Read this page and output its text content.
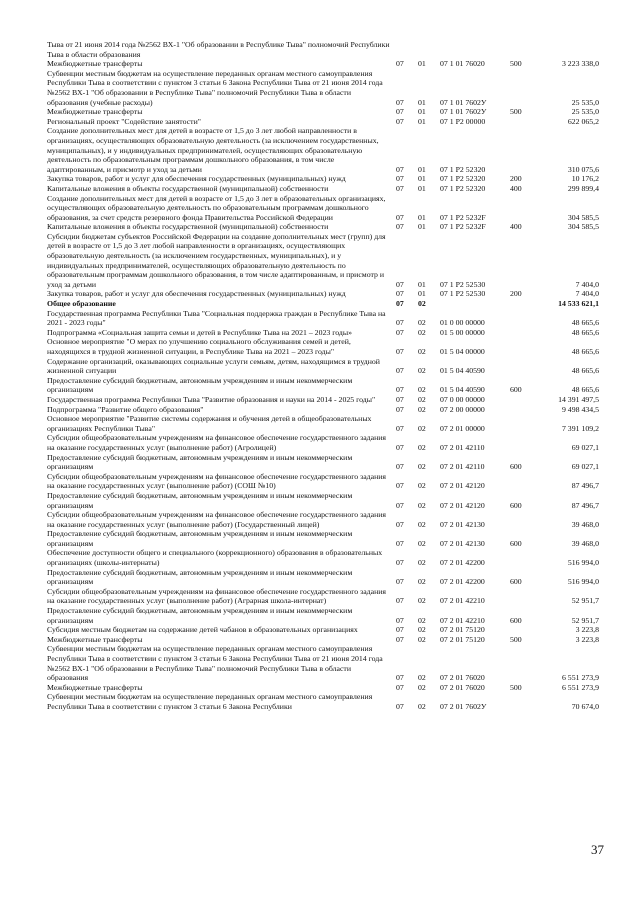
Тыва от 21 июня 2014 года №2562 ВХ-1 "Об образовании в Республике Тыва" полномочий Республики Тыва в области образования					
Межбюджетные трансферты	07	01	07 1 01 76020	500	3 223 338,0
Субвенции местным бюджетам на осуществление переданных органам местного самоуправления Республики Тыва в соответствии с пунктом 3 статьи 6 Закона Республики Тыва от 21 июня 2014 года №2562 ВХ-1 "Об образовании в Республике Тыва" полномочий Республики Тыва в области образования (учебные расходы)	07	01	07 1 01 7602У		25 535,0
Межбюджетные трансферты	07	01	07 1 01 7602У	500	25 535,0
Региональный проект "Содействие занятости"	07	01	07 1 Р2 00000		622 065,2
Создание дополнительных мест для детей в возрасте от 1,5 до 3 лет любой направленности в организациях, осуществляющих образовательную деятельность (за исключением государственных, муниципальных), и у индивидуальных предпринимателей, осуществляющих образовательную деятельность по образовательным программам дошкольного образования, в том числе адаптированным, и присмотр и уход за детьми	07	01	07 1 Р2 52320		310 075,6
Закупка товаров, работ и услуг для обеспечения государственных (муниципальных) нужд	07	01	07 1 Р2 52320	200	10 176,2
Капитальные вложения в объекты государственной (муниципальной) собственности	07	01	07 1 Р2 52320	400	299 899,4
Создание дополнительных мест для детей в возрасте от 1,5 до 3 лет в образовательных организациях, осуществляющих образовательную деятельность по образовательным программам дошкольного образования, за счет средств резервного фонда Правительства Российской Федерации	07	01	07 1 Р2 5232F		304 585,5
Капитальные вложения в объекты государственной (муниципальной) собственности	07	01	07 1 Р2 5232F	400	304 585,5
Субсидии бюджетам субъектов Российской Федерации на создание дополнительных мест (групп) для детей в возрасте от 1,5 до 3 лет любой направленности в организациях, осуществляющих образовательную деятельность (за исключением государственных, муниципальных), и у индивидуальных предпринимателей, осуществляющих образовательную деятельность по образовательным программам дошкольного образования, в том числе адаптированным, и присмотр и уход за детьми	07	01	07 1 Р2 52530		7 404,0
Закупка товаров, работ и услуг для обеспечения государственных (муниципальных) нужд	07	01	07 1 Р2 52530	200	7 404,0
Общее образование	07	02			14 533 621,1
Государственная программа Республики Тыва "Социальная поддержка граждан в Республике Тыва на 2021 - 2023 годы"	07	02	01 0 00 00000		48 665,6
Подпрограмма «Социальная защита семьи и детей в Республике Тыва на 2021 – 2023 годы»	07	02	01 5 00 00000		48 665,6
Основное мероприятие "О мерах по улучшению социального обслуживания семей и детей, находящихся в трудной жизненной ситуации, в Республике Тыва на 2021 – 2023 годы"	07	02	01 5 04 00000		48 665,6
Содержание организаций, оказывающих социальные услуги семьям, детям, находящимся в трудной жизненной ситуации	07	02	01 5 04 40590		48 665,6
Предоставление субсидий бюджетным, автономным учреждениям и иным некоммерческим организациям	07	02	01 5 04 40590	600	48 665,6
Государственная программа Республики Тыва "Развитие образования и науки на 2014 - 2025 годы"	07	02	07 0 00 00000		14 391 497,5
Подпрограмма "Развитие общего образования"	07	02	07 2 00 00000		9 498 434,5
Основное мероприятие "Развитие системы содержания и обучения детей в общеобразовательных организациях Республики Тыва"	07	02	07 2 01 00000		7 391 109,2
Субсидии общеобразовательным учреждениям на финансовое обеспечение государственного задания на оказание государственных услуг (выполнение работ) (Агролицей)	07	02	07 2 01 42110		69 027,1
Предоставление субсидий бюджетным, автономным учреждениям и иным некоммерческим организациям	07	02	07 2 01 42110	600	69 027,1
Субсидии общеобразовательным учреждениям на финансовое обеспечение государственного задания на оказание государственных услуг (выполнение работ) (СОШ №10)	07	02	07 2 01 42120		87 496,7
Предоставление субсидий бюджетным, автономным учреждениям и иным некоммерческим организациям	07	02	07 2 01 42120	600	87 496,7
Субсидии общеобразовательным учреждениям на финансовое обеспечение государственного задания на оказание государственных услуг (выполнение работ) (Государственный лицей)	07	02	07 2 01 42130		39 468,0
Предоставление субсидий бюджетным, автономным учреждениям и иным некоммерческим организациям	07	02	07 2 01 42130	600	39 468,0
Обеспечение доступности общего и специального (коррекционного) образования в образовательных организациях (школы-интернаты)	07	02	07 2 01 42200		516 994,0
Предоставление субсидий бюджетным, автономным учреждениям и иным некоммерческим организациям	07	02	07 2 01 42200	600	516 994,0
Субсидии общеобразовательным учреждениям на финансовое обеспечение государственного задания на оказание государственных услуг (выполнение работ) (Аграрная школа-интернат)	07	02	07 2 01 42210		52 951,7
Предоставление субсидий бюджетным, автономным учреждениям и иным некоммерческим организациям	07	02	07 2 01 42210	600	52 951,7
Субсидия местным бюджетам на содержание детей чабанов в образовательных организациях	07	02	07 2 01 75120		3 223,8
Межбюджетные трансферты	07	02	07 2 01 75120	500	3 223,8
Субвенции местным бюджетам на осуществление переданных органам местного самоуправления Республики Тыва в соответствии с пунктом 3 статьи 6 Закона Республики Тыва от 21 июня 2014 года №2562 ВХ-1 "Об образовании в Республике Тыва" полномочий Республики Тыва в области образования	07	02	07 2 01 76020		6 551 273,9
Межбюджетные трансферты	07	02	07 2 01 76020	500	6 551 273,9
Субвенции местным бюджетам на осуществление переданных органам местного самоуправления Республики Тыва в соответствии с пунктом 3 статьи 6 Закона Республики	07	02	07 2 01 7602У		70 674,0
37
